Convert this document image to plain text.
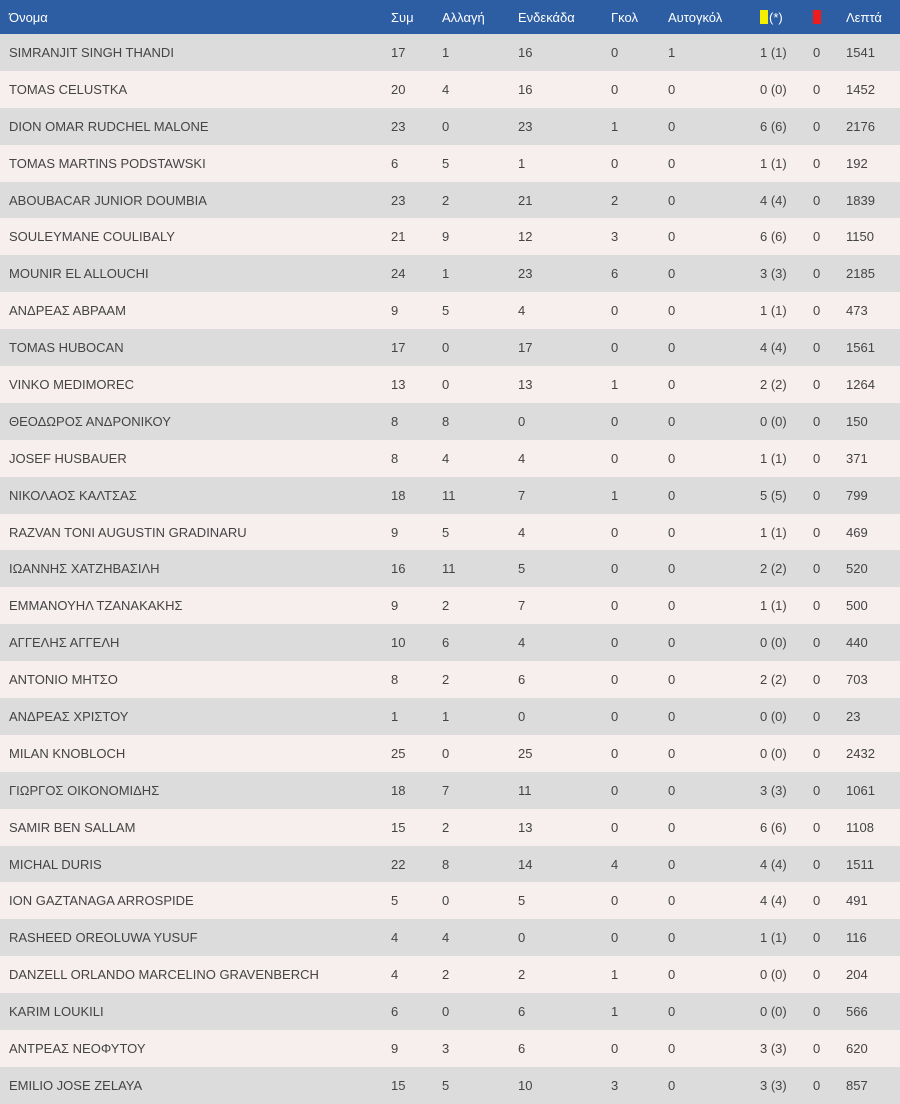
Όνομα	Συμ	Αλλαγή	Ενδεκάδα	Γκολ	Αυτογκόλ	(*)		Λεπτά
SIMRANJIT SINGH THANDI	17	1	16	0	1	1 (1)	0	1541
TOMAS CELUSTKA	20	4	16	0	0	0 (0)	0	1452
DION OMAR RUDCHEL MALONE	23	0	23	1	0	6 (6)	0	2176
TOMAS MARTINS PODSTAWSKI	6	5	1	0	0	1 (1)	0	192
ABOUBACAR JUNIOR DOUMBIA	23	2	21	2	0	4 (4)	0	1839
SOULEYMANE COULIBALY	21	9	12	3	0	6 (6)	0	1150
MOUNIR EL ALLOUCHI	24	1	23	6	0	3 (3)	0	2185
ΑΝΔΡΕΑΣ ΑΒΡΑΑΜ	9	5	4	0	0	1 (1)	0	473
TOMAS HUBOCAN	17	0	17	0	0	4 (4)	0	1561
VINKO MEDIMOREC	13	0	13	1	0	2 (2)	0	1264
ΘΕΟΔΩΡΟΣ ΑΝΔΡΟΝΙΚΟΥ	8	8	0	0	0	0 (0)	0	150
JOSEF HUSBAUER	8	4	4	0	0	1 (1)	0	371
ΝΙΚΟΛΑΟΣ ΚΑΛΤΣΑΣ	18	11	7	1	0	5 (5)	0	799
RAZVAN TONI AUGUSTIN GRADINARU	9	5	4	0	0	1 (1)	0	469
ΙΩΑΝΝΗΣ ΧΑΤΖΗΒΑΣΙΛΗ	16	11	5	0	0	2 (2)	0	520
ΕΜΜΑΝΟΥΗΛ ΤΖΑΝΑΚΑΚΗΣ	9	2	7	0	0	1 (1)	0	500
ΑΓΓΕΛΗΣ ΑΓΓΕΛΗ	10	6	4	0	0	0 (0)	0	440
ANTONIO ΜΗΤΣΟ	8	2	6	0	0	2 (2)	0	703
ΑΝΔΡΕΑΣ ΧΡΙΣΤΟΥ	1	1	0	0	0	0 (0)	0	23
MILAN KNOBLOCH	25	0	25	0	0	0 (0)	0	2432
ΓΙΩΡΓΟΣ ΟΙΚΟΝΟΜΙΔΗΣ	18	7	11	0	0	3 (3)	0	1061
SAMIR BEN SALLAM	15	2	13	0	0	6 (6)	0	1108
MICHAL DURIS	22	8	14	4	0	4 (4)	0	1511
ION GAZTANAGA ARROSPIDE	5	0	5	0	0	4 (4)	0	491
RASHEED OREOLUWA YUSUF	4	4	0	0	0	1 (1)	0	116
DANZELL ORLANDO MARCELINO GRAVENBERCH	4	2	2	1	0	0 (0)	0	204
KARIM LOUKILI	6	0	6	1	0	0 (0)	0	566
ΑΝΤΡΕΑΣ ΝΕΟΦΥΤΟΥ	9	3	6	0	0	3 (3)	0	620
EMILIO JOSE ZELAYA	15	5	10	3	0	3 (3)	0	857
